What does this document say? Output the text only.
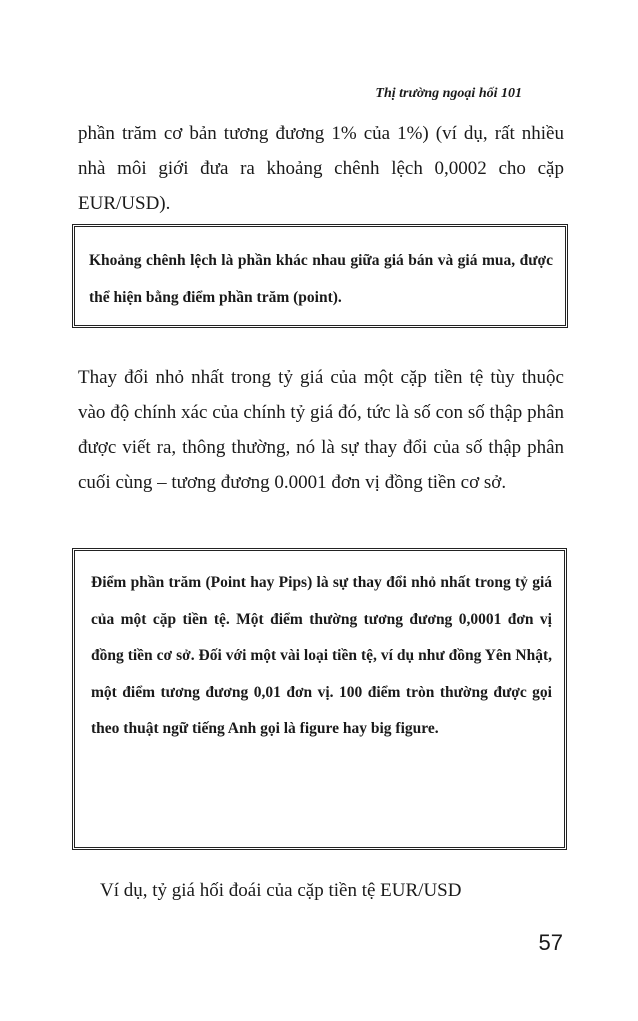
Thị trường ngoại hối 101

phần trăm cơ bản tương đương 1% của 1%) (ví dụ, rất nhiều nhà môi giới đưa ra khoảng chênh lệch 0,0002 cho cặp EUR/USD).

Khoảng chênh lệch là phần khác nhau giữa giá bán và giá mua, được thể hiện bằng điểm phần trăm (point).

Thay đổi nhỏ nhất trong tỷ giá của một cặp tiền tệ tùy thuộc vào độ chính xác của chính tỷ giá đó, tức là số con số thập phân được viết ra, thông thường, nó là sự thay đổi của số thập phân cuối cùng – tương đương 0.0001 đơn vị đồng tiền cơ sở.

Điểm phần trăm (Point hay Pips) là sự thay đổi nhỏ nhất trong tỷ giá của một cặp tiền tệ. Một điểm thường tương đương 0,0001 đơn vị đồng tiền cơ sở. Đối với một vài loại tiền tệ, ví dụ như đồng Yên Nhật, một điểm tương đương 0,01 đơn vị. 100 điểm tròn thường được gọi theo thuật ngữ tiếng Anh gọi là figure hay big figure.

Ví dụ, tỷ giá hối đoái của cặp tiền tệ EUR/USD

57
